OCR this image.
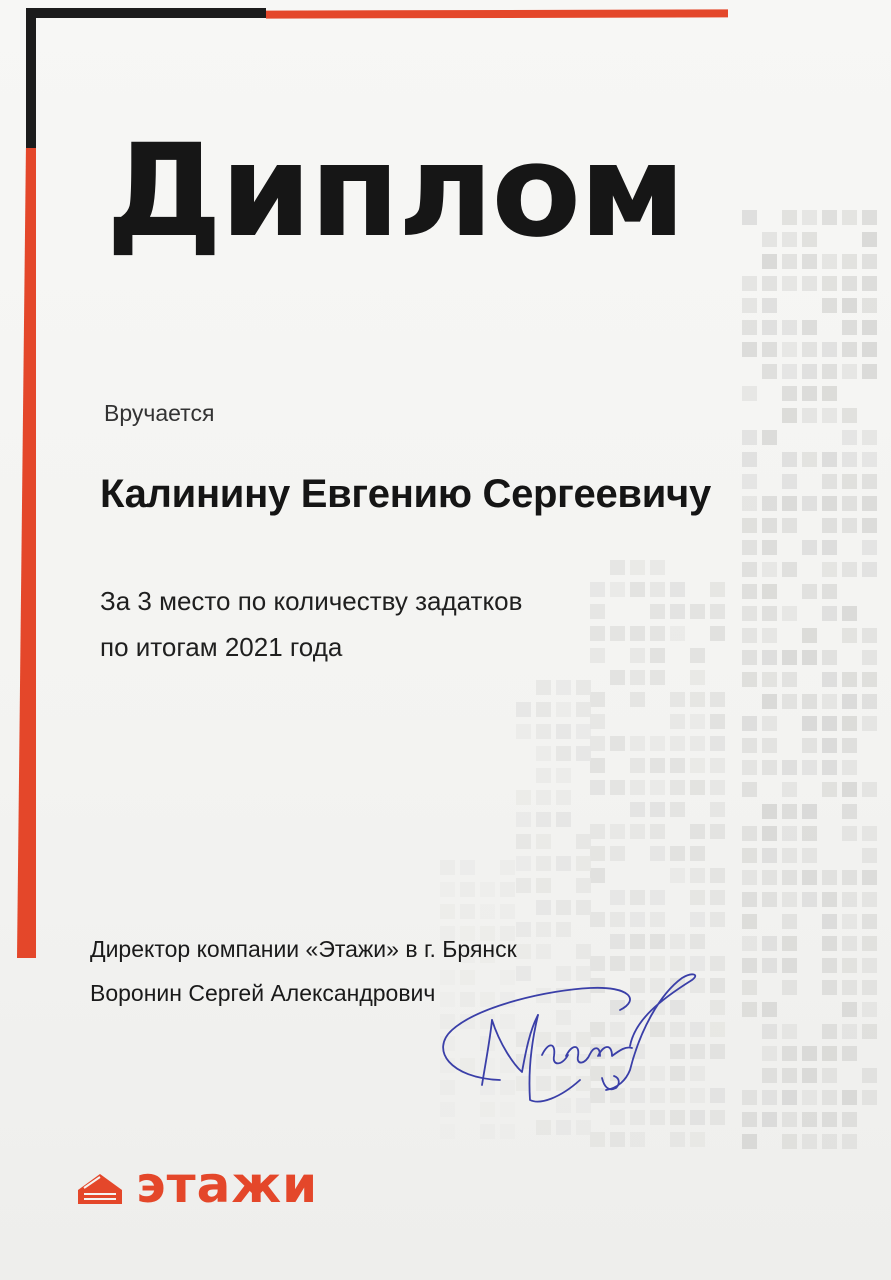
Диплом
Вручается
Калинину Евгению Сергеевичу
За 3 место по количеству задатков
по итогам 2021 года
Директор компании «Этажи» в г. Брянск
Воронин Сергей Александрович
этажи
